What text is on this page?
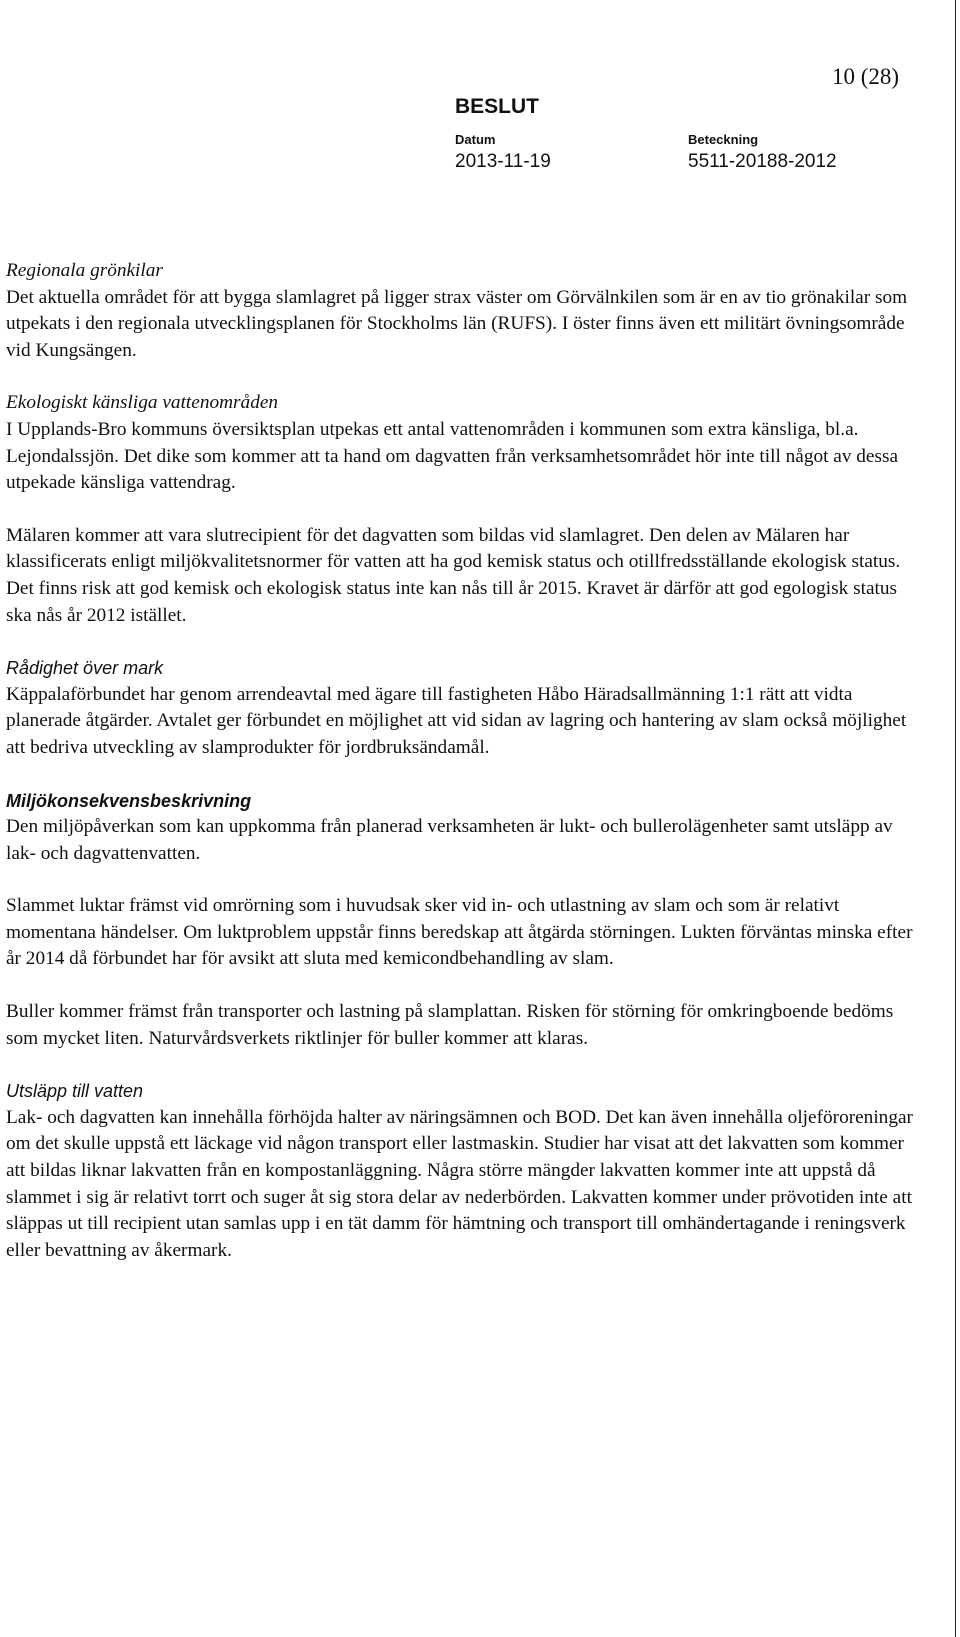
10 (28)
BESLUT
Datum
2013-11-19
Beteckning
5511-20188-2012

Regionala grönkilar

Det aktuella området för att bygga slamlagret på ligger strax väster om Görvälnkilen som är en av tio grönakilar som utpekats i den regionala utvecklingsplanen för Stockholms län (RUFS). I öster finns även ett militärt övningsområde vid Kungsängen.

Ekologiskt känsliga vattenområden

I Upplands-Bro kommuns översiktsplan utpekas ett antal vattenområden i kommunen som extra känsliga, bl.a. Lejondalssjön. Det dike som kommer att ta hand om dagvatten från verksamhetsområdet hör inte till något av dessa utpekade känsliga vattendrag.

Mälaren kommer att vara slutrecipient för det dagvatten som bildas vid slamlagret. Den delen av Mälaren har klassificerats enligt miljökvalitetsnormer för vatten att ha god kemisk status och otillfredsställande ekologisk status. Det finns risk att god kemisk och ekologisk status inte kan nås till år 2015. Kravet är därför att god egologisk status ska nås år 2012 istället.

Rådighet över mark

Käppalaförbundet har genom arrendeavtal med ägare till fastigheten Håbo Häradsallmänning 1:1 rätt att vidta planerade åtgärder. Avtalet ger förbundet en möjlighet att vid sidan av lagring och hantering av slam också möjlighet att bedriva utveckling av slamprodukter för jordbruksändamål.

Miljökonsekvensbeskrivning

Den miljöpåverkan som kan uppkomma från planerad verksamheten är lukt- och bullerolägenheter samt utsläpp av lak- och dagvattenvatten.

Slammet luktar främst vid omrörning som i huvudsak sker vid in- och utlastning av slam och som är relativt momentana händelser. Om luktproblem uppstår finns beredskap att åtgärda störningen. Lukten förväntas minska efter år 2014 då förbundet har för avsikt att sluta med kemicondbehandling av slam.

Buller kommer främst från transporter och lastning på slamplattan. Risken för störning för omkringboende bedöms som mycket liten. Naturvårdsverkets riktlinjer för buller kommer att klaras.

Utsläpp till vatten

Lak- och dagvatten kan innehålla förhöjda halter av näringsämnen och BOD. Det kan även innehålla oljeföroreningar om det skulle uppstå ett läckage vid någon transport eller lastmaskin. Studier har visat att det lakvatten som kommer att bildas liknar lakvatten från en kompostanläggning. Några större mängder lakvatten kommer inte att uppstå då slammet i sig är relativt torrt och suger åt sig stora delar av nederbörden. Lakvatten kommer under prövotiden inte att släppas ut till recipient utan samlas upp i en tät damm för hämtning och transport till omhändertagande i reningsverk eller bevattning av åkermark.
